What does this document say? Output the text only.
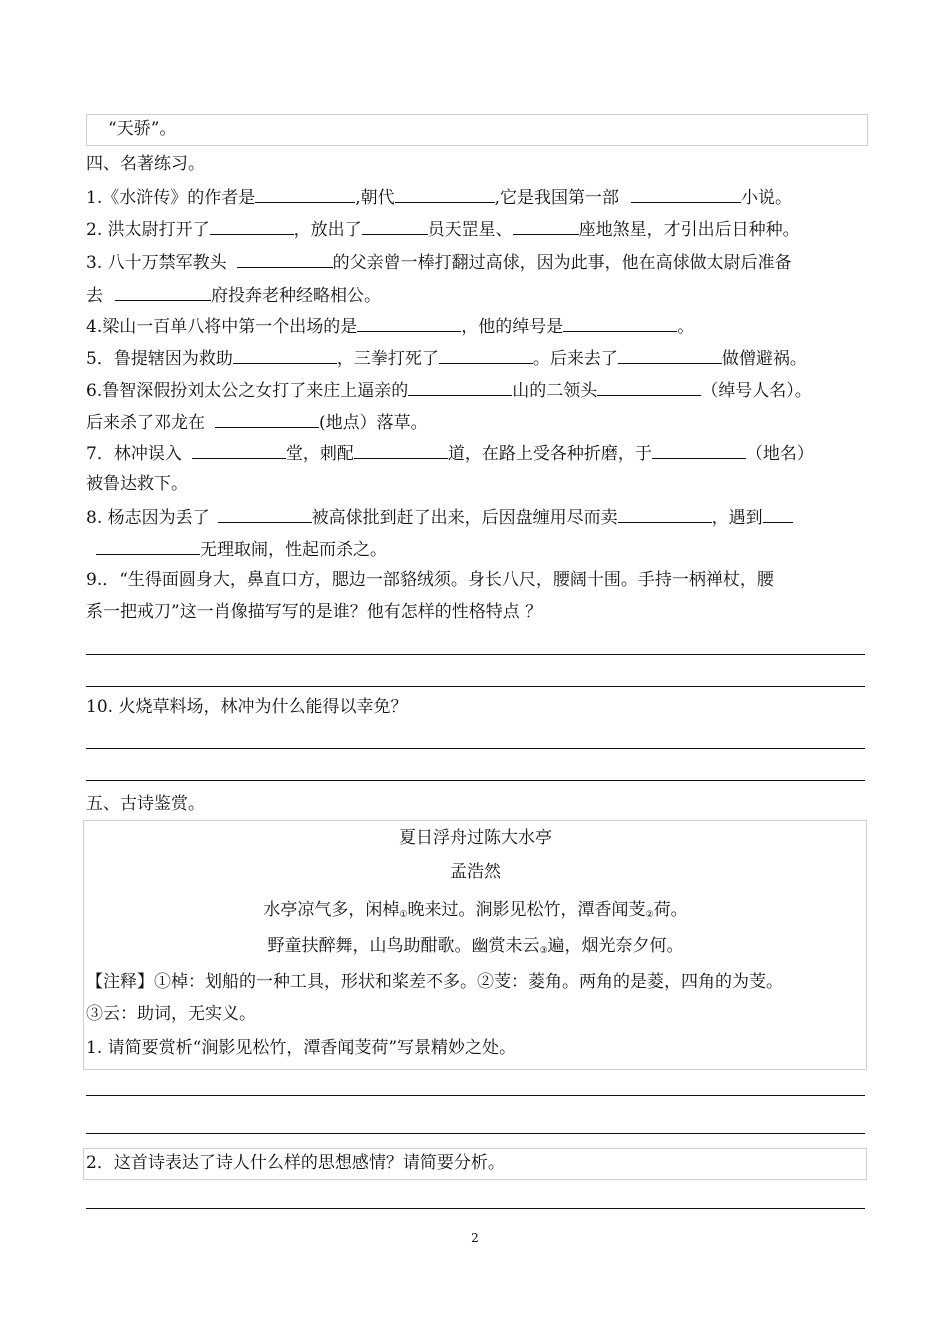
“天骄”。
四、名著练习。
1.《水浒传》的作者是	,朝代	,它是我国第一部	小说。
2. 洪太尉打开了	，放出了	员天罡星、	座地煞星，才引出后日种种。
3. 八十万禁军教头	的父亲曾一棒打翻过高俅，因为此事，他在高俅做太尉后准备
去	府投奔老种经略相公。
4.梁山一百单八将中第一个出场的是	，他的绰号是	。
5．鲁提辖因为救助	，三拳打死了	。后来去了	做僧避祸。
6.鲁智深假扮刘太公之女打了来庄上逼亲的	山的二领头	（绰号人名）。
后来杀了邓龙在	(地点）落草。
7．林冲误入	堂，刺配	道，在路上受各种折磨，于	（地名）
被鲁达救下。
8. 杨志因为丢了	被高俅批到赶了出来，后因盘缠用尽而卖	，遇到
无理取闹，性起而杀之。
9.．“生得面圆身大，鼻直口方，腮边一部貉绒须。身长八尺，腰阔十围。手持一柄禅杖，腰
系一把戒刀”这一肖像描写写的是谁？他有怎样的性格特点 ？
10. 火烧草料场，林冲为什么能得以幸免？
五、古诗鉴赏。
夏日浮舟过陈大水亭
孟浩然
水亭凉气多，闲棹$_①$晚来过。涧影见松竹，潭香闻芰$_②$荷。
野童扶醉舞，山鸟助酣歌。幽赏未云$_③$遍，烟光奈夕何。
【注释】①棹：划船的一种工具，形状和桨差不多。②芰：菱角。两角的是菱，四角的为芰。
③云：助词，无实义。
1. 请简要赏析“涧影见松竹，潭香闻芰荷”写景精妙之处。
2．这首诗表达了诗人什么样的思想感情？请简要分析。
2
